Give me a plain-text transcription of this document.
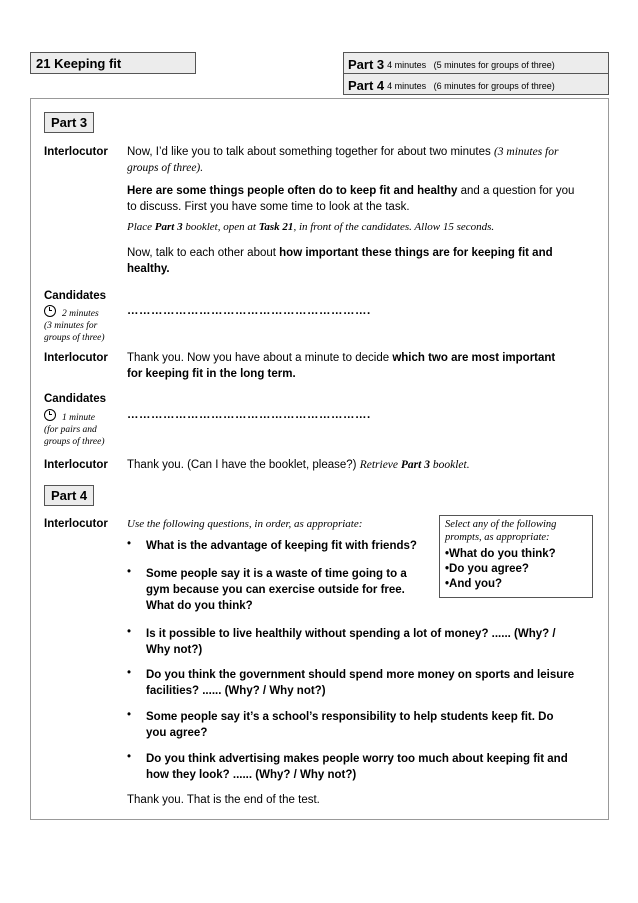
21 Keeping fit	Part 3 4 minutes   (5 minutes for groups of three)
Part 4 4 minutes   (6 minutes for groups of three)
Part 3
Interlocutor Now, I’d like you to talk about something together for about two minutes (3 minutes for
groups of three).
Here are some things people often do to keep fit and healthy and a question for you
to discuss. First you have some time to look at the task.
Place Part 3 booklet, open at Task 21, in front of the candidates. Allow 15 seconds.
Now, talk to each other about how important these things are for keeping fit and
healthy.
Candidates
2 minutes
(3 minutes for
groups of three)
…………………………………………………….
Interlocutor Thank you. Now you have about a minute to decide which two are most important
for keeping fit in the long term.
Candidates
1 minute
(for pairs and
groups of three)
…………………………………………………….
Interlocutor Thank you. (Can I have the booklet, please?) Retrieve Part 3 booklet.
Part 4
Interlocutor Use the following questions, in order, as appropriate:	Select any of the following
prompts, as appropriate:
•What do you think?
•Do you agree?
•And you?
• What is the advantage of keeping fit with friends?
• Some people say it is a waste of time going to a
gym because you can exercise outside for free.
What do you think?
• Is it possible to live healthily without spending a lot of money? ...... (Why? /
Why not?)
• Do you think the government should spend more money on sports and leisure
facilities? ...... (Why? / Why not?)
• Some people say it’s a school’s responsibility to help students keep fit. Do
you agree?
• Do you think advertising makes people worry too much about keeping fit and
how they look? ...... (Why? / Why not?)
Thank you. That is the end of the test.
